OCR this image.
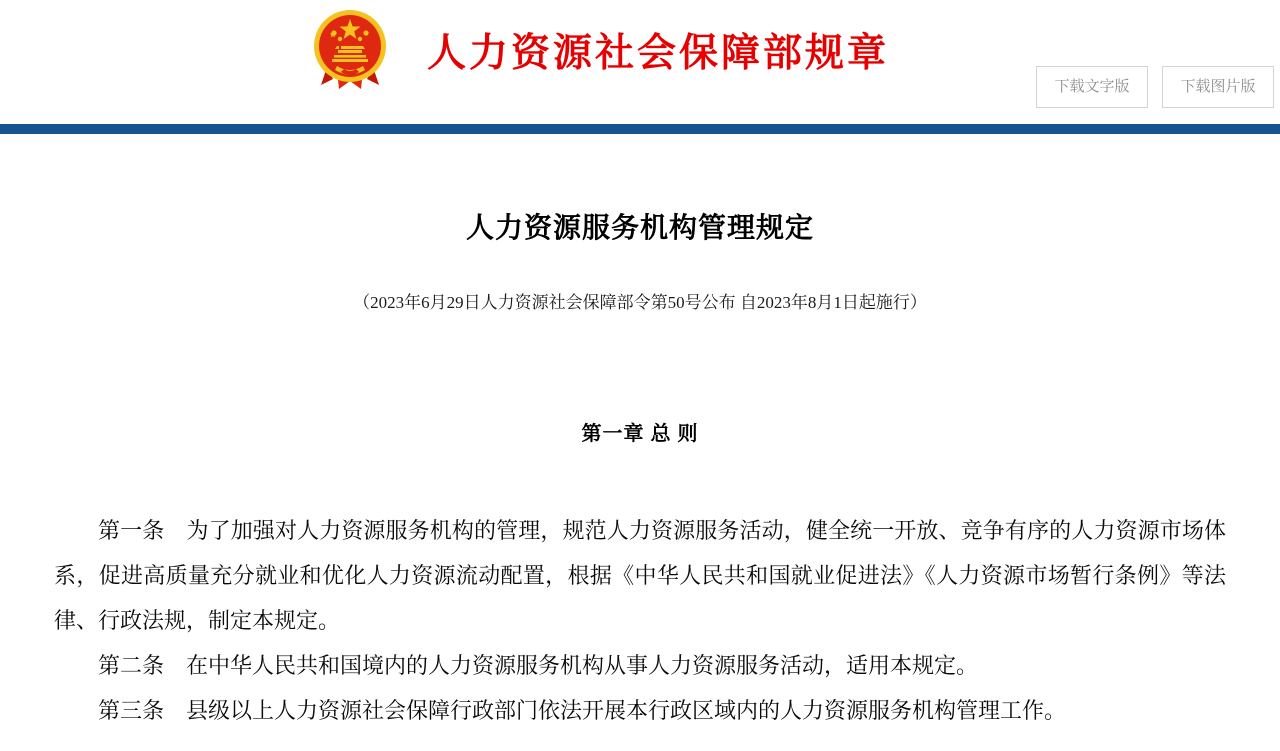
人力资源社会保障部规章
下载文字版	下载图片版
人力资源服务机构管理规定
（2023年6月29日人力资源社会保障部令第50号公布 自2023年8月1日起施行）
第一章 总 则

第一条　为了加强对人力资源服务机构的管理，规范人力资源服务活动，健全统一开放、竞争有序的人力资源市场体系，促进高质量充分就业和优化人力资源流动配置，根据《中华人民共和国就业促进法》《人力资源市场暂行条例》等法律、行政法规，制定本规定。

第二条　在中华人民共和国境内的人力资源服务机构从事人力资源服务活动，适用本规定。

第三条　县级以上人力资源社会保障行政部门依法开展本行政区域内的人力资源服务机构管理工作。
